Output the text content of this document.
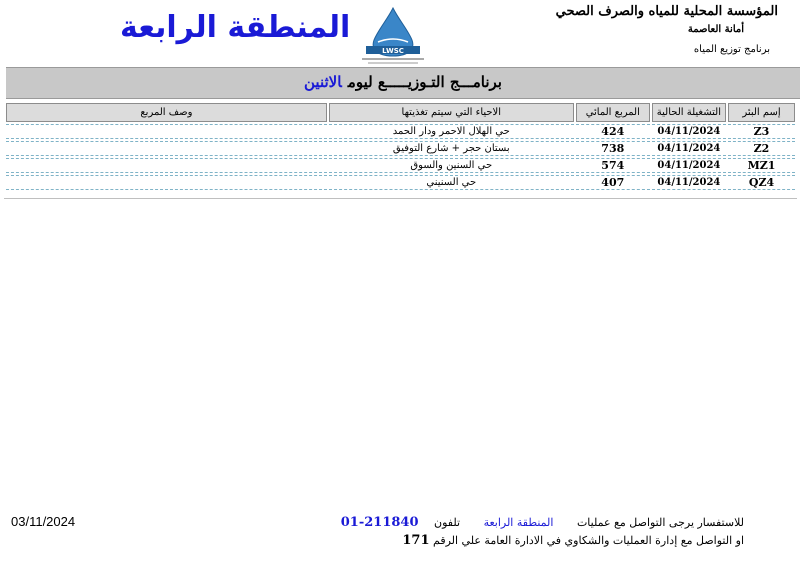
المؤسسة المحلية للمياه والصرف الصحي
أمانة العاصمة
برنامج توزيع المياه
LWSC
المنطقة الرابعة
برنامـــج التـوزيـــــع ليومالاثنين
إسم البئر	التشغيلة الحالية	المربع المائي	الاحياء التي سيتم تغذيتها	وصف المربع
Z3	04/11/2024	424	حي الهلال الاحمر ودار الحمد	
Z2	04/11/2024	738	بستان حجر + شارع التوفيق	
MZ1	04/11/2024	574	حي السنين والسوق	
QZ4	04/11/2024	407	حي السنيني	
للاستفسار يرجى التواصل مع عمليات المنطقة الرابعة تلفون 01-211840
او التواصل مع إدارة العمليات والشكاوي في الادارة العامة علي الرقم 171
03/11/2024
